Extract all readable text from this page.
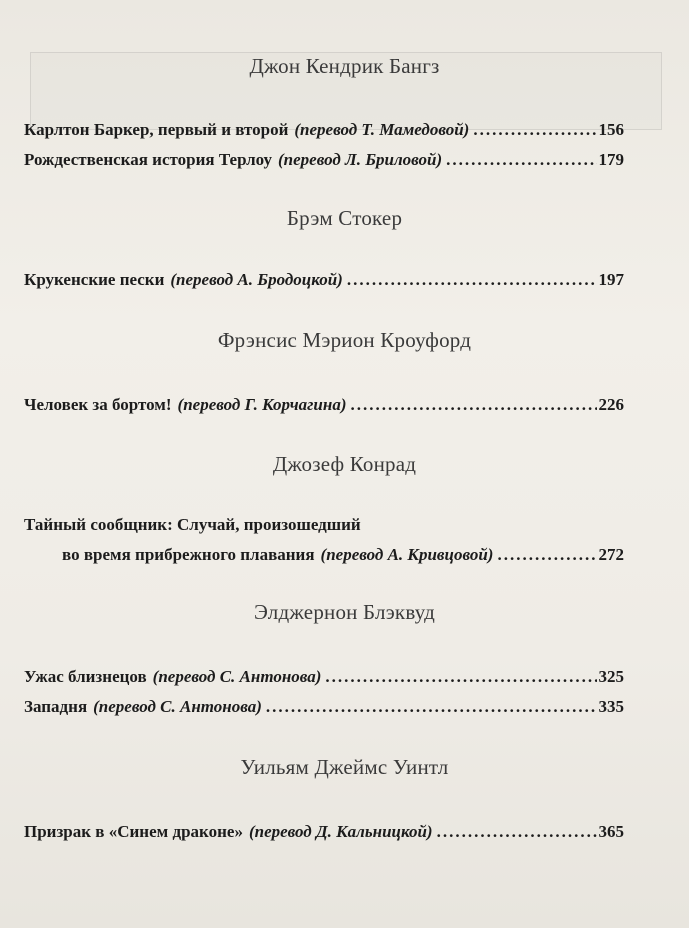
Джон Кендрик Бангз
Карлтон Баркер, первый и второй (перевод Т. Мамедовой) .....	156
Рождественская история Терлоу (перевод Л. Бриловой) .....	179
Брэм Стокер
Крукенские пески (перевод А. Бродоцкой) .....	197
Фрэнсис Мэрион Кроуфорд
Человек за бортом! (перевод Г. Корчагина) .....	226
Джозеф Конрад
Тайный сообщник: Случай, произошедший
во время прибрежного плавания (перевод А. Кривцовой) .....	272
Элджернон Блэквуд
Ужас близнецов (перевод С. Антонова) .....	325
Западня (перевод С. Антонова) .....	335
Уильям Джеймс Уинтл
Призрак в «Синем драконе» (перевод Д. Кальницкой) .....	365
